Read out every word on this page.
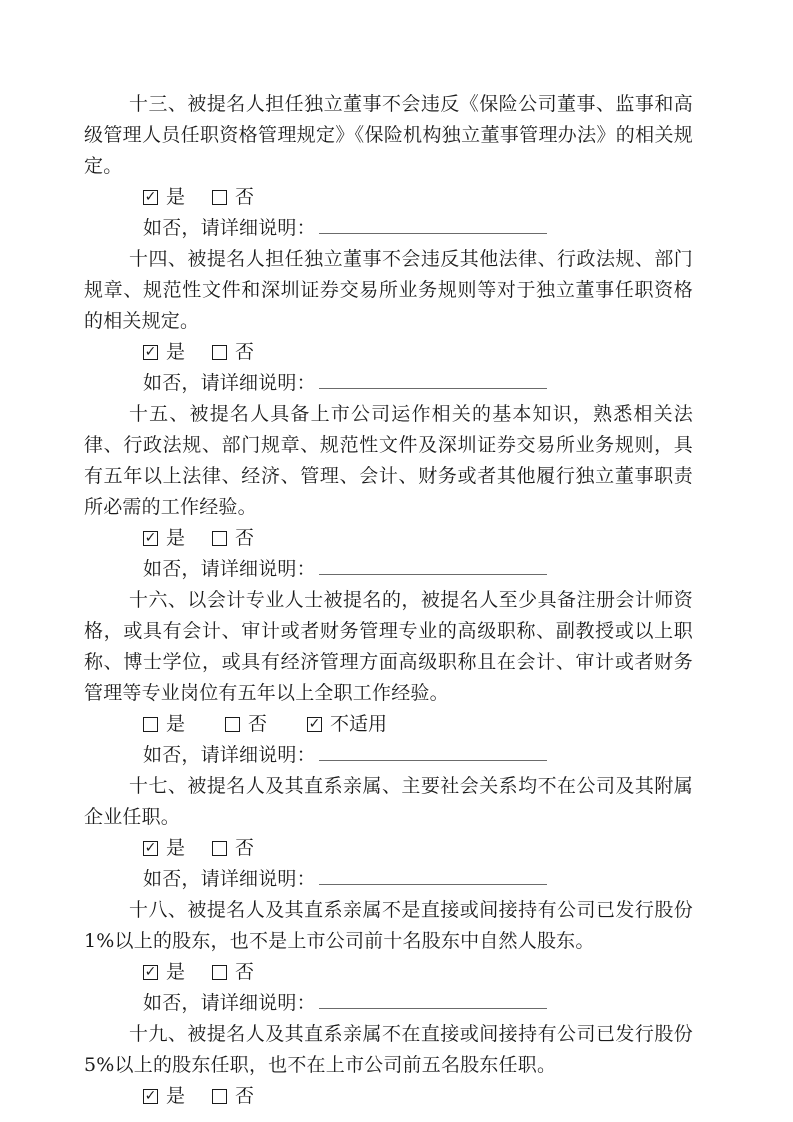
十三、被提名人担任独立董事不会违反《保险公司董事、监事和高级管理人员任职资格管理规定》《保险机构独立董事管理办法》的相关规定。

✓ 是	否
如否，请详细说明：

十四、被提名人担任独立董事不会违反其他法律、行政法规、部门规章、规范性文件和深圳证券交易所业务规则等对于独立董事任职资格的相关规定。

✓ 是	否
如否，请详细说明：

十五、被提名人具备上市公司运作相关的基本知识，熟悉相关法律、行政法规、部门规章、规范性文件及深圳证券交易所业务规则，具有五年以上法律、经济、管理、会计、财务或者其他履行独立董事职责所必需的工作经验。

✓ 是	否
如否，请详细说明：

十六、以会计专业人士被提名的，被提名人至少具备注册会计师资格，或具有会计、审计或者财务管理专业的高级职称、副教授或以上职称、博士学位，或具有经济管理方面高级职称且在会计、审计或者财务管理等专业岗位有五年以上全职工作经验。

是	否	✓ 不适用
如否，请详细说明：

十七、被提名人及其直系亲属、主要社会关系均不在公司及其附属企业任职。

✓ 是	否
如否，请详细说明：

十八、被提名人及其直系亲属不是直接或间接持有公司已发行股份 1%以上的股东，也不是上市公司前十名股东中自然人股东。

✓ 是	否
如否，请详细说明：

十九、被提名人及其直系亲属不在直接或间接持有公司已发行股份 5%以上的股东任职，也不在上市公司前五名股东任职。

✓ 是	否
